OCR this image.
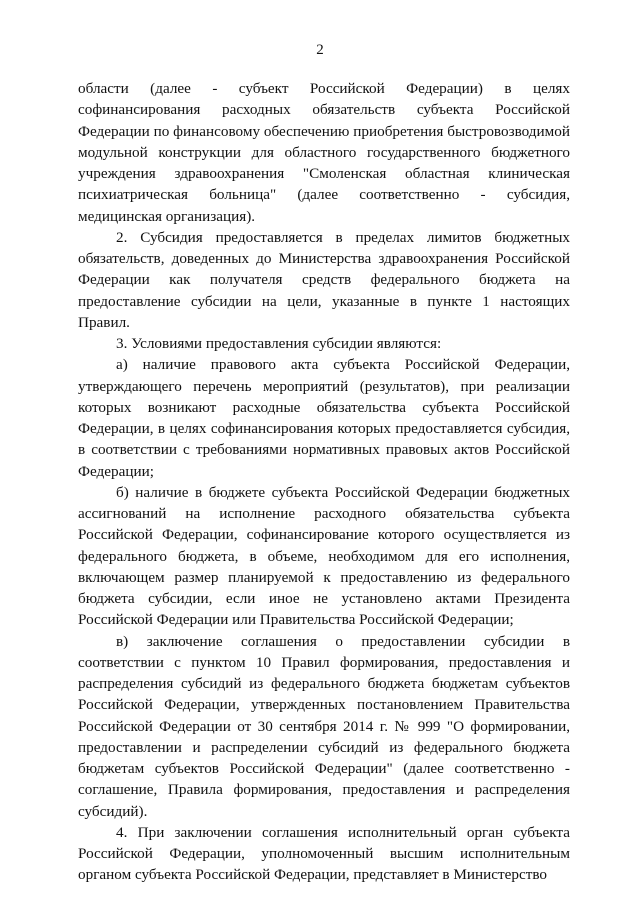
2

области (далее - субъект Российской Федерации) в целях софинансирования расходных обязательств субъекта Российской Федерации по финансовому обеспечению приобретения быстровозводимой модульной конструкции для областного государственного бюджетного учреждения здравоохранения "Смоленская областная клиническая психиатрическая больница" (далее соответственно - субсидия, медицинская организация).

2. Субсидия предоставляется в пределах лимитов бюджетных обязательств, доведенных до Министерства здравоохранения Российской Федерации как получателя средств федерального бюджета на предоставление субсидии на цели, указанные в пункте 1 настоящих Правил.

3. Условиями предоставления субсидии являются:

а) наличие правового акта субъекта Российской Федерации, утверждающего перечень мероприятий (результатов), при реализации которых возникают расходные обязательства субъекта Российской Федерации, в целях софинансирования которых предоставляется субсидия, в соответствии с требованиями нормативных правовых актов Российской Федерации;

б) наличие в бюджете субъекта Российской Федерации бюджетных ассигнований на исполнение расходного обязательства субъекта Российской Федерации, софинансирование которого осуществляется из федерального бюджета, в объеме, необходимом для его исполнения, включающем размер планируемой к предоставлению из федерального бюджета субсидии, если иное не установлено актами Президента Российской Федерации или Правительства Российской Федерации;

в) заключение соглашения о предоставлении субсидии в соответствии с пунктом 10 Правил формирования, предоставления и распределения субсидий из федерального бюджета бюджетам субъектов Российской Федерации, утвержденных постановлением Правительства Российской Федерации от 30 сентября 2014 г. № 999 "О формировании, предоставлении и распределении субсидий из федерального бюджета бюджетам субъектов Российской Федерации" (далее соответственно - соглашение, Правила формирования, предоставления и распределения субсидий).

4. При заключении соглашения исполнительный орган субъекта Российской Федерации, уполномоченный высшим исполнительным органом субъекта Российской Федерации, представляет в Министерство
